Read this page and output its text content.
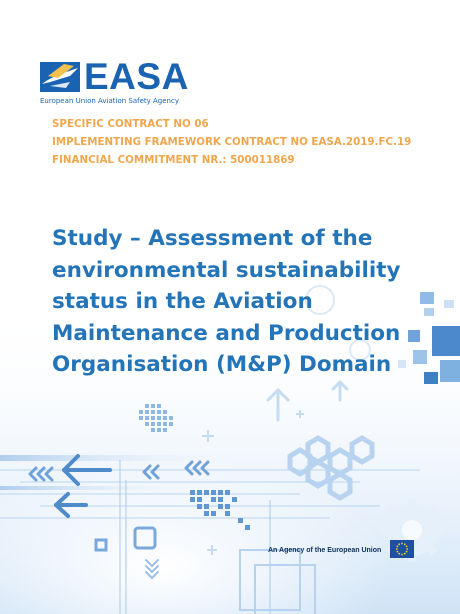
EASA
European Union Aviation Safety Agency
SPECIFIC CONTRACT NO 06
IMPLEMENTING FRAMEWORK CONTRACT NO EASA.2019.FC.19
FINANCIAL COMMITMENT NR.: 500011869
Study – Assessment of the
environmental sustainability
status in the Aviation
Maintenance and Production
Organisation (M&P) Domain
An Agency of the European Union
